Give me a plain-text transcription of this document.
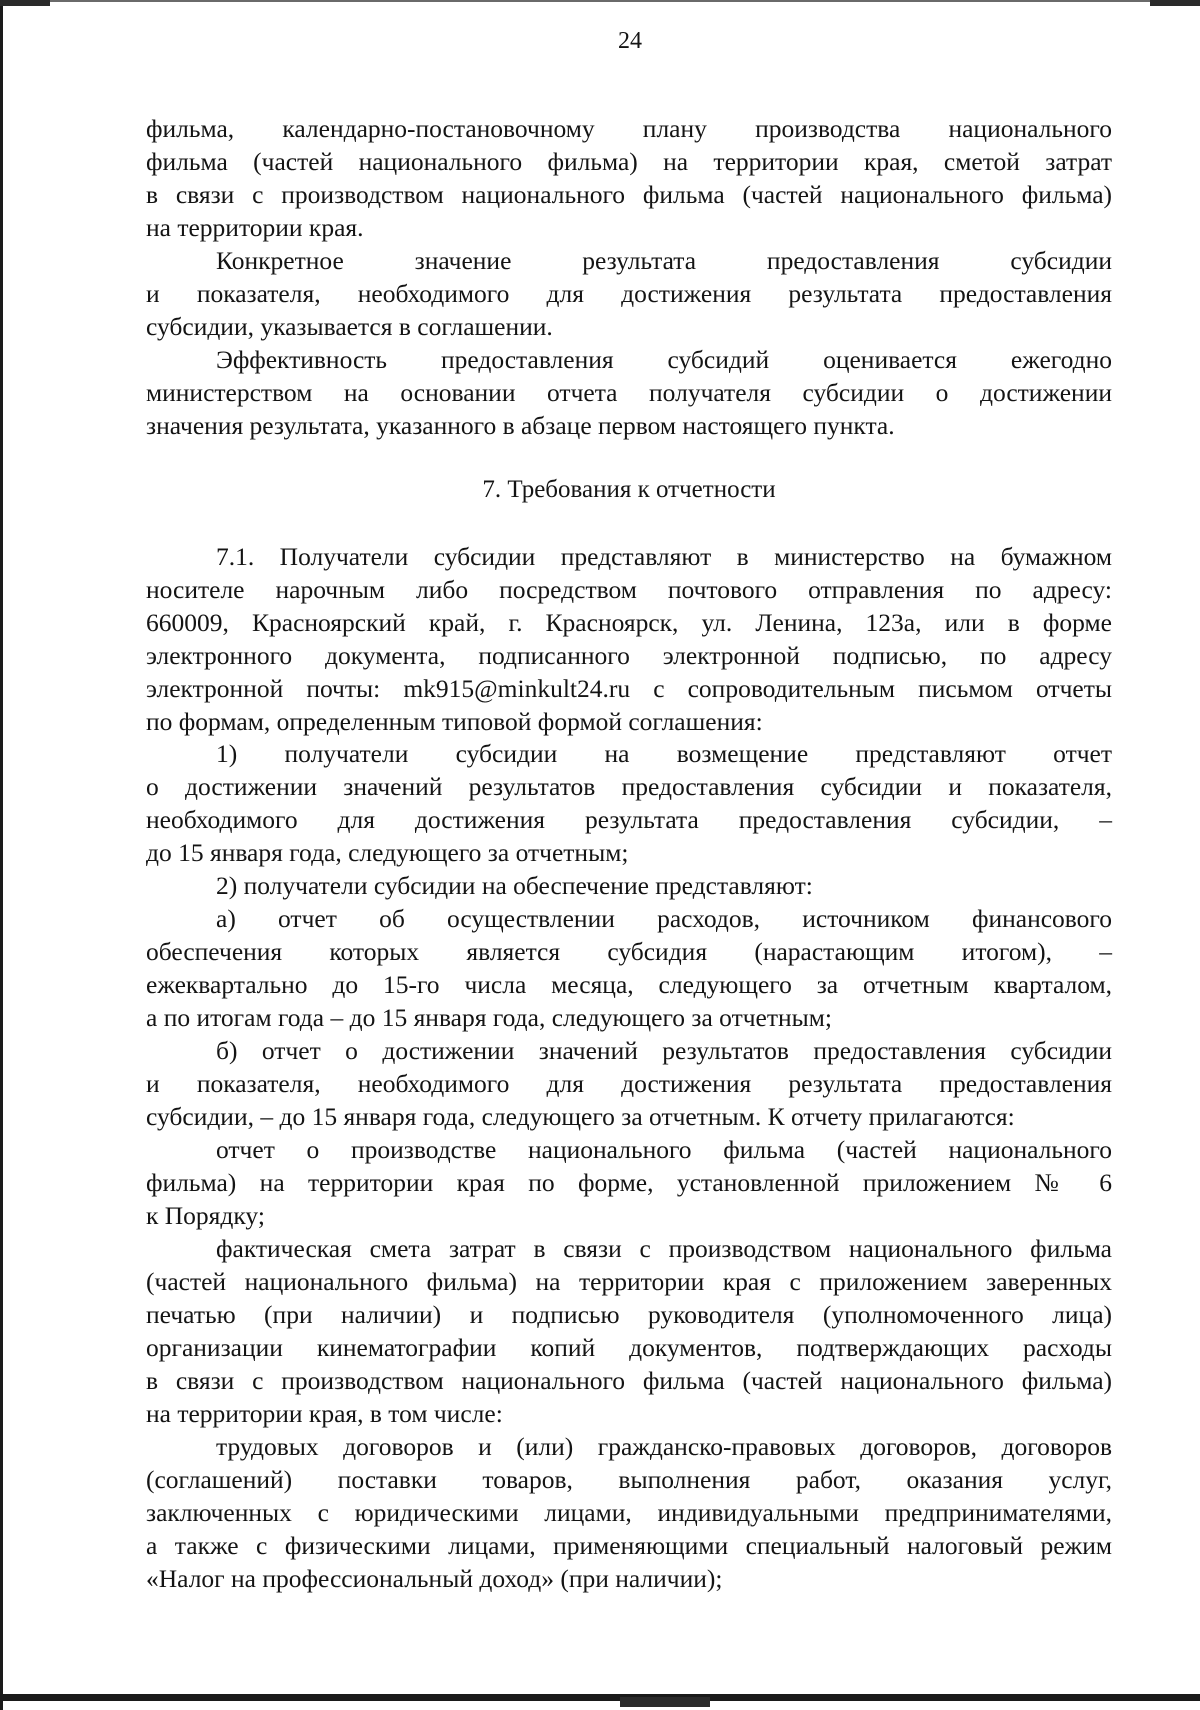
24
фильма, календарно-постановочному плану производства национального
фильма (частей национального фильма) на территории края, сметой затрат
в связи с производством национального фильма (частей национального фильма)
на территории края.
Конкретное значение результата предоставления субсидии
и показателя, необходимого для достижения результата предоставления
субсидии, указывается в соглашении.
Эффективность предоставления субсидий оценивается ежегодно
министерством на основании отчета получателя субсидии о достижении
значения результата, указанного в абзаце первом настоящего пункта.
7. Требования к отчетности
7.1. Получатели субсидии представляют в министерство на бумажном
носителе нарочным либо посредством почтового отправления по адресу:
660009, Красноярский край, г. Красноярск, ул. Ленина, 123а, или в форме
электронного документа, подписанного электронной подписью, по адресу
электронной почты: mk915@minkult24.ru с сопроводительным письмом отчеты
по формам, определенным типовой формой соглашения:
1) получатели субсидии на возмещение представляют отчет
о достижении значений результатов предоставления субсидии и показателя,
необходимого для достижения результата предоставления субсидии, –
до 15 января года, следующего за отчетным;
2) получатели субсидии на обеспечение представляют:
а) отчет об осуществлении расходов, источником финансового
обеспечения которых является субсидия (нарастающим итогом), –
ежеквартально до 15-го числа месяца, следующего за отчетным кварталом,
а по итогам года – до 15 января года, следующего за отчетным;
б) отчет о достижении значений результатов предоставления субсидии
и показателя, необходимого для достижения результата предоставления
субсидии, – до 15 января года, следующего за отчетным. К отчету прилагаются:
отчет о производстве национального фильма (частей национального
фильма) на территории края по форме, установленной приложением № 6
к Порядку;
фактическая смета затрат в связи с производством национального фильма
(частей национального фильма) на территории края с приложением заверенных
печатью (при наличии) и подписью руководителя (уполномоченного лица)
организации кинематографии копий документов, подтверждающих расходы
в связи с производством национального фильма (частей национального фильма)
на территории края, в том числе:
трудовых договоров и (или) гражданско-правовых договоров, договоров
(соглашений) поставки товаров, выполнения работ, оказания услуг,
заключенных с юридическими лицами, индивидуальными предпринимателями,
а также с физическими лицами, применяющими специальный налоговый режим
«Налог на профессиональный доход» (при наличии);
